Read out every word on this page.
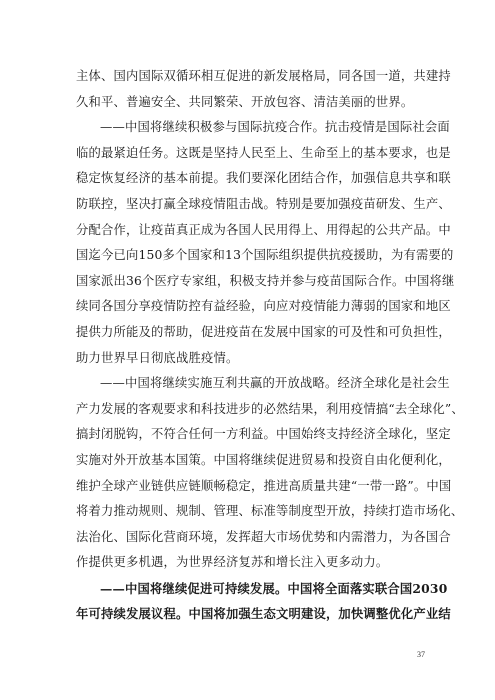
主体、国内国际双循环相互促进的新发展格局，同各国一道，共建持
久和平、普遍安全、共同繁荣、开放包容、清洁美丽的世界。
——中国将继续积极参与国际抗疫合作。抗击疫情是国际社会面
临的最紧迫任务。这既是坚持人民至上、生命至上的基本要求，也是
稳定恢复经济的基本前提。我们要深化团结合作，加强信息共享和联
防联控，坚决打赢全球疫情阻击战。特别是要加强疫苗研发、生产、
分配合作，让疫苗真正成为各国人民用得上、用得起的公共产品。中
国迄今已向150多个国家和13个国际组织提供抗疫援助，为有需要的
国家派出36个医疗专家组，积极支持并参与疫苗国际合作。中国将继
续同各国分享疫情防控有益经验，向应对疫情能力薄弱的国家和地区
提供力所能及的帮助，促进疫苗在发展中国家的可及性和可负担性，
助力世界早日彻底战胜疫情。
——中国将继续实施互利共赢的开放战略。经济全球化是社会生
产力发展的客观要求和科技进步的必然结果，利用疫情搞“去全球化”、
搞封闭脱钩，不符合任何一方利益。中国始终支持经济全球化，坚定
实施对外开放基本国策。中国将继续促进贸易和投资自由化便利化，
维护全球产业链供应链顺畅稳定，推进高质量共建“一带一路”。中国
将着力推动规则、规制、管理、标准等制度型开放，持续打造市场化、
法治化、国际化营商环境，发挥超大市场优势和内需潜力，为各国合
作提供更多机遇，为世界经济复苏和增长注入更多动力。
——中国将继续促进可持续发展。中国将全面落实联合国2030
年可持续发展议程。中国将加强生态文明建设，加快调整优化产业结
37
